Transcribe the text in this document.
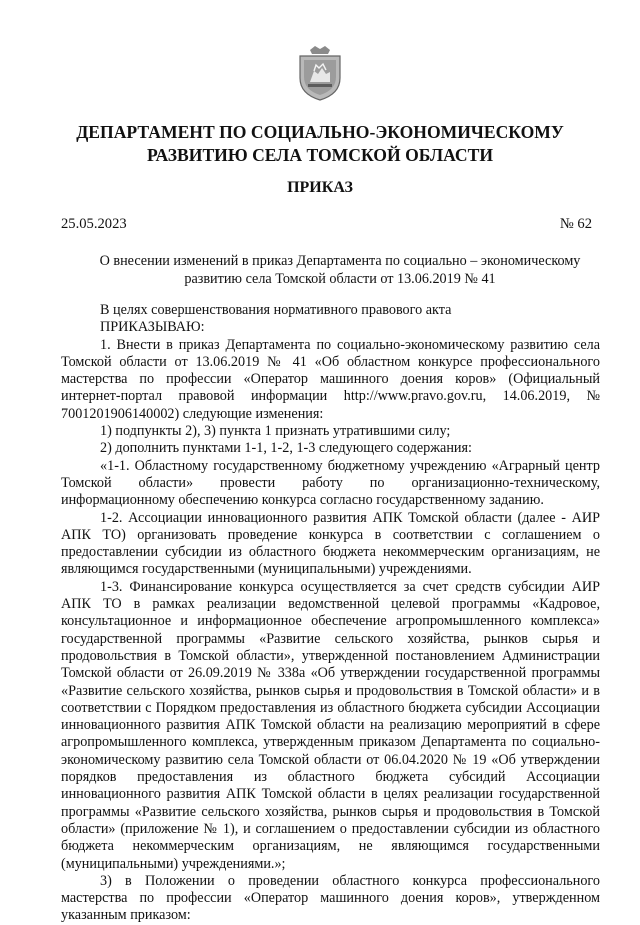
ДЕПАРТАМЕНТ ПО СОЦИАЛЬНО-ЭКОНОМИЧЕСКОМУ
РАЗВИТИЮ СЕЛА ТОМСКОЙ ОБЛАСТИ
ПРИКАЗ
25.05.2023	№ 62
О внесении изменений в приказ Департамента по социально – экономическому
развитию села Томской области от 13.06.2019 № 41

В целях совершенствования нормативного правового акта

ПРИКАЗЫВАЮ:

1. Внести в приказ Департамента по социально-экономическому развитию села Томской области от 13.06.2019 № 41 «Об областном конкурсе профессионального мастерства по профессии «Оператор машинного доения коров» (Официальный интернет-портал правовой информации http://www.pravo.gov.ru, 14.06.2019, № 7001201906140002) следующие изменения:

1) подпункты 2), 3) пункта 1 признать утратившими силу;

2) дополнить пунктами 1-1, 1-2, 1-3 следующего содержания:

«1-1. Областному государственному бюджетному учреждению «Аграрный центр Томской области» провести работу по организационно-техническому, информационному обеспечению конкурса согласно государственному заданию.

1-2. Ассоциации инновационного развития АПК Томской области (далее - АИР АПК ТО) организовать проведение конкурса в соответствии с соглашением о предоставлении субсидии из областного бюджета некоммерческим организациям, не являющимся государственными (муниципальными) учреждениями.

1-3. Финансирование конкурса осуществляется за счет средств субсидии АИР АПК ТО в рамках реализации ведомственной целевой программы «Кадровое, консультационное и информационное обеспечение агропромышленного комплекса» государственной программы «Развитие сельского хозяйства, рынков сырья и продовольствия в Томской области», утвержденной постановлением Администрации Томской области от 26.09.2019 № 338а «Об утверждении государственной программы «Развитие сельского хозяйства, рынков сырья и продовольствия в Томской области» и в соответствии с Порядком предоставления из областного бюджета субсидии Ассоциации инновационного развития АПК Томской области на реализацию мероприятий в сфере агропромышленного комплекса, утвержденным приказом Департамента по социально-экономическому развитию села Томской области от 06.04.2020 № 19 «Об утверждении порядков предоставления из областного бюджета субсидий Ассоциации инновационного развития АПК Томской области в целях реализации государственной программы «Развитие сельского хозяйства, рынков сырья и продовольствия в Томской области» (приложение № 1), и соглашением о предоставлении субсидии из областного бюджета некоммерческим организациям, не являющимся государственными (муниципальными) учреждениями.»;

3) в Положении о проведении областного конкурса профессионального мастерства по профессии «Оператор машинного доения коров», утвержденном указанным приказом:
